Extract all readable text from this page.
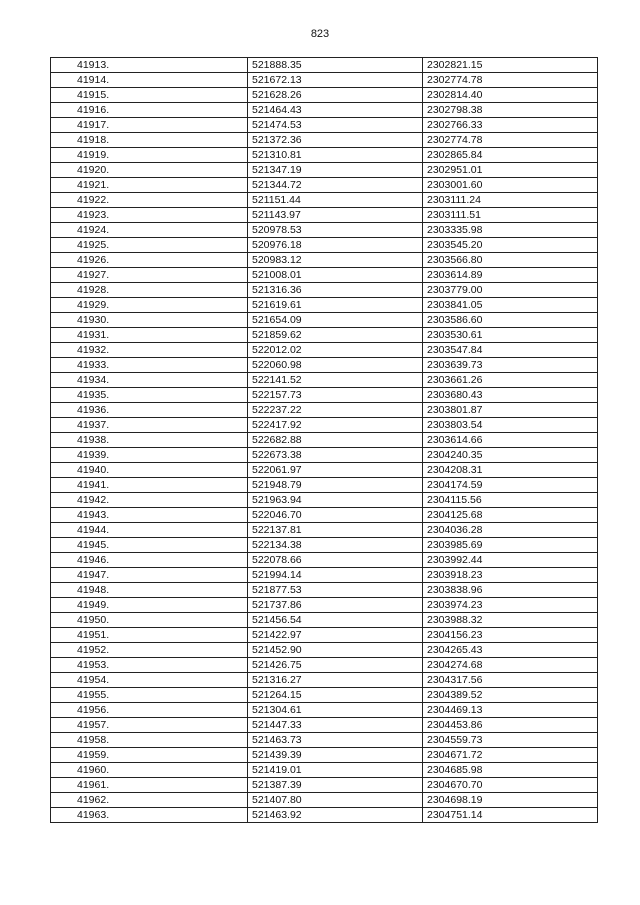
823
41913.	521888.35	2302821.15
41914.	521672.13	2302774.78
41915.	521628.26	2302814.40
41916.	521464.43	2302798.38
41917.	521474.53	2302766.33
41918.	521372.36	2302774.78
41919.	521310.81	2302865.84
41920.	521347.19	2302951.01
41921.	521344.72	2303001.60
41922.	521151.44	2303111.24
41923.	521143.97	2303111.51
41924.	520978.53	2303335.98
41925.	520976.18	2303545.20
41926.	520983.12	2303566.80
41927.	521008.01	2303614.89
41928.	521316.36	2303779.00
41929.	521619.61	2303841.05
41930.	521654.09	2303586.60
41931.	521859.62	2303530.61
41932.	522012.02	2303547.84
41933.	522060.98	2303639.73
41934.	522141.52	2303661.26
41935.	522157.73	2303680.43
41936.	522237.22	2303801.87
41937.	522417.92	2303803.54
41938.	522682.88	2303614.66
41939.	522673.38	2304240.35
41940.	522061.97	2304208.31
41941.	521948.79	2304174.59
41942.	521963.94	2304115.56
41943.	522046.70	2304125.68
41944.	522137.81	2304036.28
41945.	522134.38	2303985.69
41946.	522078.66	2303992.44
41947.	521994.14	2303918.23
41948.	521877.53	2303838.96
41949.	521737.86	2303974.23
41950.	521456.54	2303988.32
41951.	521422.97	2304156.23
41952.	521452.90	2304265.43
41953.	521426.75	2304274.68
41954.	521316.27	2304317.56
41955.	521264.15	2304389.52
41956.	521304.61	2304469.13
41957.	521447.33	2304453.86
41958.	521463.73	2304559.73
41959.	521439.39	2304671.72
41960.	521419.01	2304685.98
41961.	521387.39	2304670.70
41962.	521407.80	2304698.19
41963.	521463.92	2304751.14
